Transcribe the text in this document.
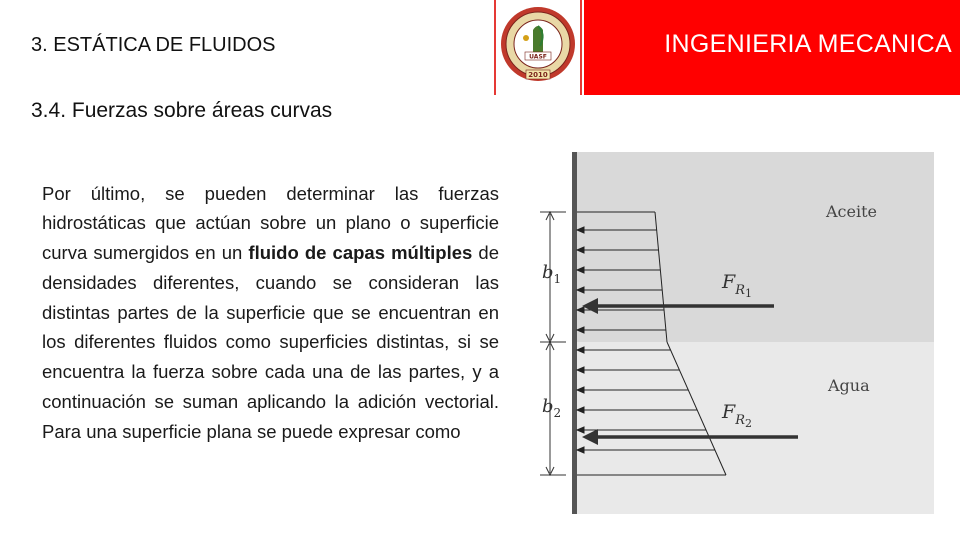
3. ESTÁTICA DE FLUIDOS
UASF
2010
INGENIERIA MECANICA
3.4. Fuerzas sobre áreas curvas

Por último, se pueden determinar las fuerzas hidrostáticas que actúan sobre un plano o superficie curva sumergidos en un fluido de capas múltiples de densidades diferentes, cuando se consideran las distintas partes de la superficie que se encuentran en los diferentes fluidos como superficies distintas, si se encuentra la fuerza sobre cada una de las partes, y a continuación se suman aplicando la adición vectorial. Para una superficie plana se puede expresar como

$b_1$
$b_2$
$F_R1$
$F_R2$
Aceite
Agua
